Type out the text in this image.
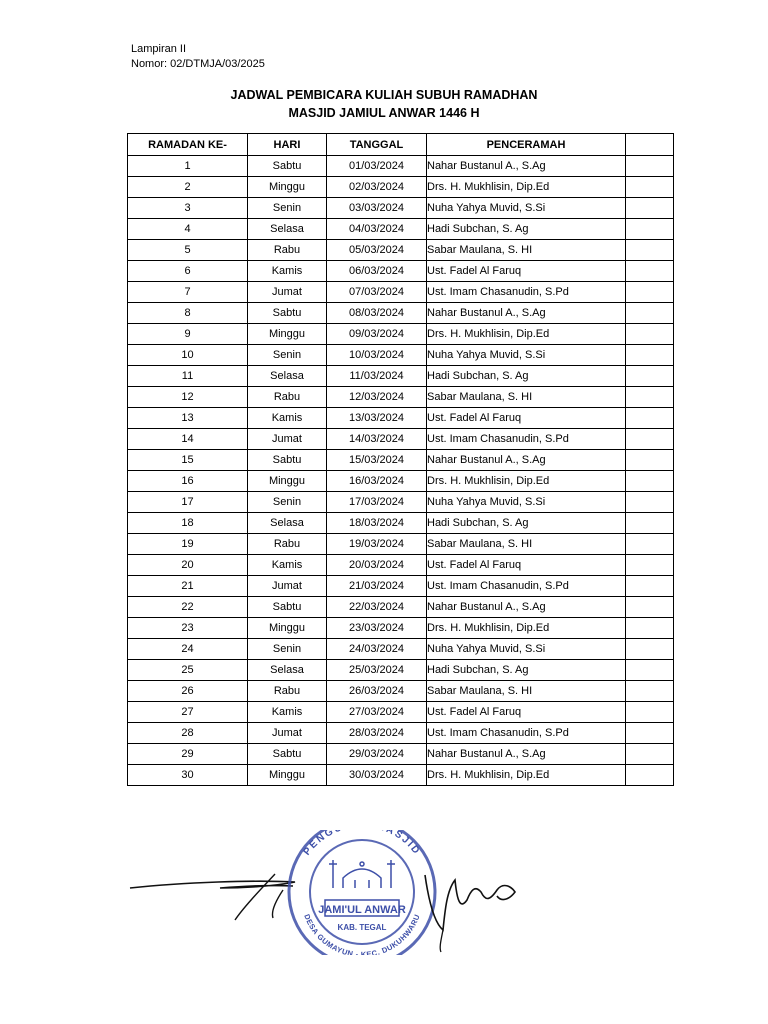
Lampiran II
Nomor: 02/DTMJA/03/2025
JADWAL PEMBICARA KULIAH SUBUH RAMADHAN
MASJID JAMIUL ANWAR 1446 H
RAMADAN KE-	HARI	TANGGAL	PENCERAMAH	
1	Sabtu	01/03/2024	Nahar Bustanul A., S.Ag	
2	Minggu	02/03/2024	Drs. H. Mukhlisin, Dip.Ed	
3	Senin	03/03/2024	Nuha Yahya Muvid, S.Si	
4	Selasa	04/03/2024	Hadi Subchan, S. Ag	
5	Rabu	05/03/2024	Sabar Maulana, S. HI	
6	Kamis	06/03/2024	Ust. Fadel Al Faruq	
7	Jumat	07/03/2024	Ust. Imam Chasanudin, S.Pd	
8	Sabtu	08/03/2024	Nahar Bustanul A., S.Ag	
9	Minggu	09/03/2024	Drs. H. Mukhlisin, Dip.Ed	
10	Senin	10/03/2024	Nuha Yahya Muvid, S.Si	
11	Selasa	11/03/2024	Hadi Subchan, S. Ag	
12	Rabu	12/03/2024	Sabar Maulana, S. HI	
13	Kamis	13/03/2024	Ust. Fadel Al Faruq	
14	Jumat	14/03/2024	Ust. Imam Chasanudin, S.Pd	
15	Sabtu	15/03/2024	Nahar Bustanul A., S.Ag	
16	Minggu	16/03/2024	Drs. H. Mukhlisin, Dip.Ed	
17	Senin	17/03/2024	Nuha Yahya Muvid, S.Si	
18	Selasa	18/03/2024	Hadi Subchan, S. Ag	
19	Rabu	19/03/2024	Sabar Maulana, S. HI	
20	Kamis	20/03/2024	Ust. Fadel Al Faruq	
21	Jumat	21/03/2024	Ust. Imam Chasanudin, S.Pd	
22	Sabtu	22/03/2024	Nahar Bustanul A., S.Ag	
23	Minggu	23/03/2024	Drs. H. Mukhlisin, Dip.Ed	
24	Senin	24/03/2024	Nuha Yahya Muvid, S.Si	
25	Selasa	25/03/2024	Hadi Subchan, S. Ag	
26	Rabu	26/03/2024	Sabar Maulana, S. HI	
27	Kamis	27/03/2024	Ust. Fadel Al Faruq	
28	Jumat	28/03/2024	Ust. Imam Chasanudin, S.Pd	
29	Sabtu	29/03/2024	Nahar Bustanul A., S.Ag	
30	Minggu	30/03/2024	Drs. H. Mukhlisin, Dip.Ed	
PENG ASJID
DESA GUMAYUN - KEC. DUKUHWARU
JAMI'UL ANWAR
KAB. TEGAL
